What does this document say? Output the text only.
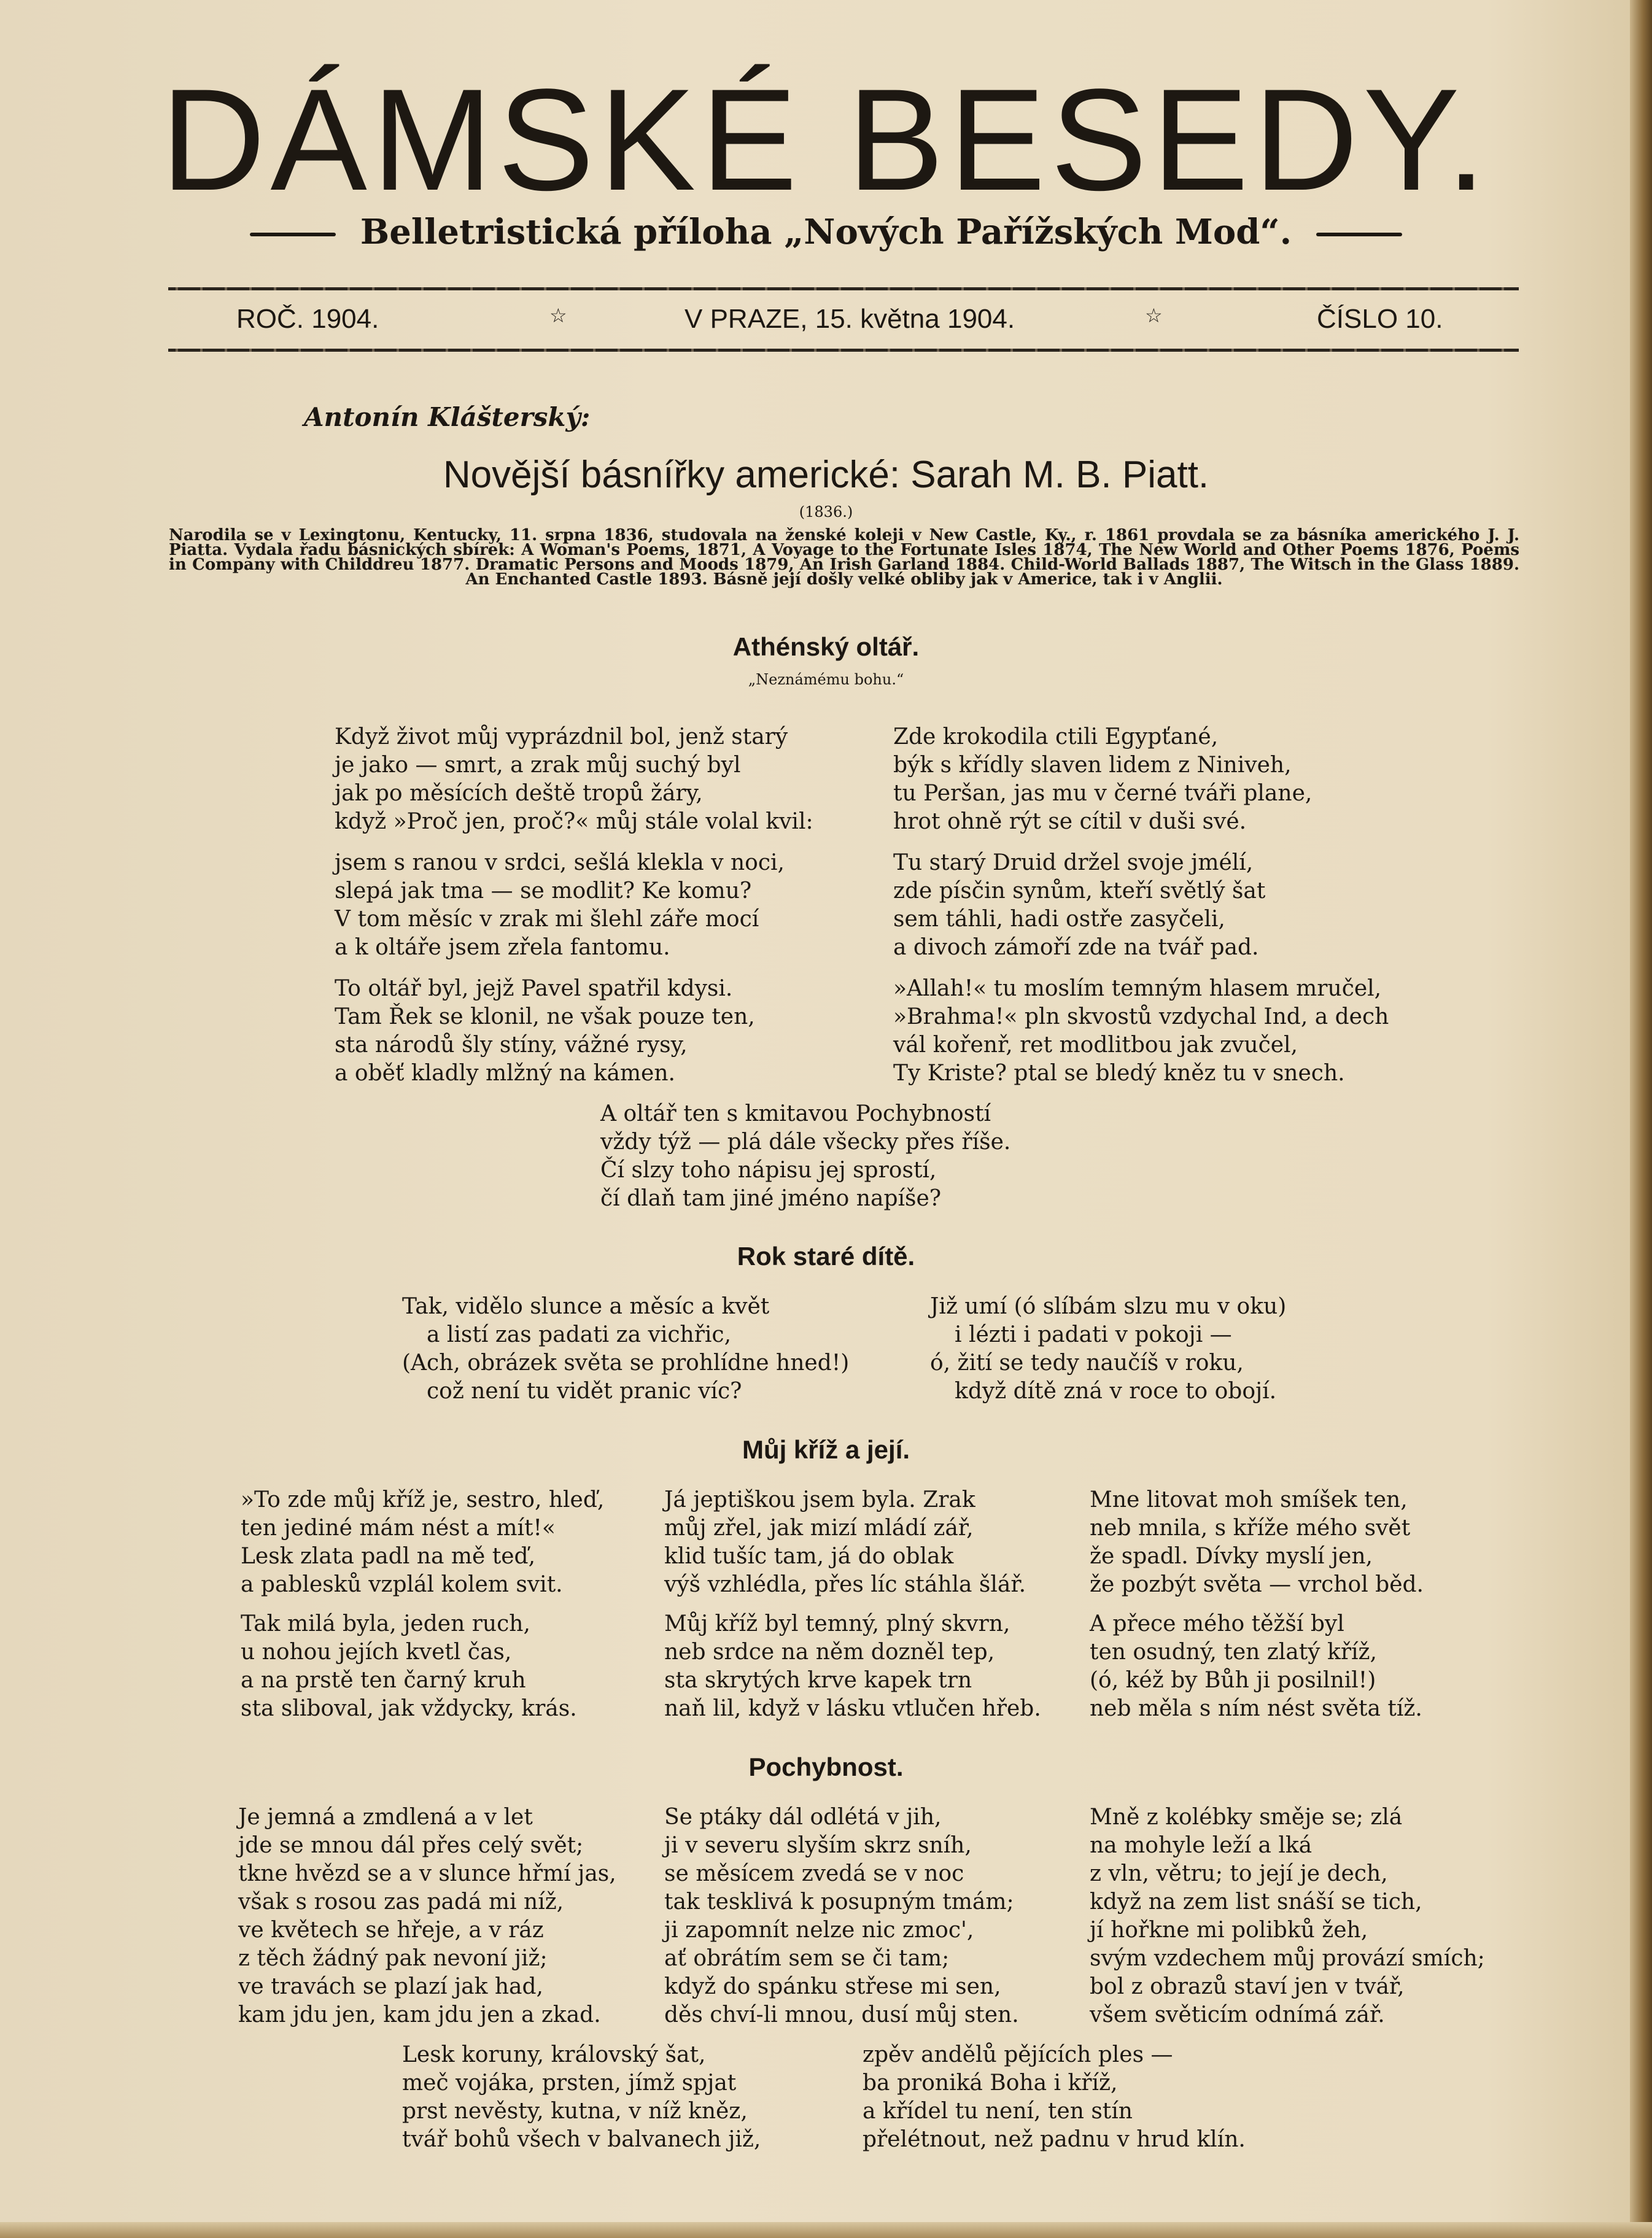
DÁMSKÉ BESEDY.
Belletristická příloha „Nových Pařížských Mod“.
ROČ. 1904.	☆	V PRAZE, 15. května 1904.	☆	ČÍSLO 10.
Antonín Klášterský:
Novější básnířky americké: Sarah M. B. Piatt.
(1836.)
Narodila se v Lexingtonu, Kentucky, 11. srpna 1836, studovala na ženské koleji v New Castle, Ky., r. 1861 provdala se za básníka amerického J. J. Piatta. Vydala řadu básnických sbírek: A Woman's Poems, 1871, A Voyage to the Fortunate Isles 1874, The New World and Other Poems 1876, Poems in Company with Childdreu 1877. Dramatic Persons and Moods 1879, An Irish Garland 1884. Child-World Ballads 1887, The Witsch in the Glass 1889. An Enchanted Castle 1893. Básně její došly velké obliby jak v Americe, tak i v Anglii.
Athénský oltář.
„Neznámému bohu.“
Když život můj vyprázdnil bol, jenž starý
je jako — smrt, a zrak můj suchý byl
jak po měsících deště tropů žáry,
když »Proč jen, proč?« můj stále volal kvil:
jsem s ranou v srdci, sešlá klekla v noci,
slepá jak tma — se modlit? Ke komu?
V tom měsíc v zrak mi šlehl záře mocí
a k oltáře jsem zřela fantomu.
To oltář byl, jejž Pavel spatřil kdysi.
Tam Řek se klonil, ne však pouze ten,
sta národů šly stíny, vážné rysy,
a oběť kladly mlžný na kámen.
Zde krokodila ctili Egypťané,
býk s křídly slaven lidem z Niniveh,
tu Peršan, jas mu v černé tváři plane,
hrot ohně rýt se cítil v duši své.
Tu starý Druid držel svoje jmélí,
zde písčin synům, kteří světlý šat
sem táhli, hadi ostře zasyčeli,
a divoch zámoří zde na tvář pad.
»Allah!« tu moslím temným hlasem mručel,
»Brahma!« pln skvostů vzdychal Ind, a dech
vál kořenř, ret modlitbou jak zvučel,
Ty Kriste? ptal se bledý kněz tu v snech.
A oltář ten s kmitavou Pochybností
vždy týž — plá dále všecky přes říše.
Čí slzy toho nápisu jej sprostí,
čí dlaň tam jiné jméno napíše?
Rok staré dítě.
Tak, vidělo slunce a měsíc a květ
a listí zas padati za vichřic,
(Ach, obrázek světa se prohlídne hned!)
což není tu vidět pranic víc?
Již umí (ó slíbám slzu mu v oku)
i lézti i padati v pokoji —
ó, žití se tedy naučíš v roku,
když dítě zná v roce to obojí.
Můj kříž a její.
»To zde můj kříž je, sestro, hleď,
ten jediné mám nést a mít!«
Lesk zlata padl na mě teď,
a pablesků vzplál kolem svit.
Tak milá byla, jeden ruch,
u nohou jejích kvetl čas,
a na prstě ten čarný kruh
sta sliboval, jak vždycky, krás.
Já jeptiškou jsem byla. Zrak
můj zřel, jak mizí mládí zář,
klid tušíc tam, já do oblak
výš vzhlédla, přes líc stáhla šlář.
Můj kříž byl temný, plný skvrn,
neb srdce na něm dozněl tep,
sta skrytých krve kapek trn
naň lil, když v lásku vtlučen hřeb.
Mne litovat moh smíšek ten,
neb mnila, s kříže mého svět
že spadl. Dívky myslí jen,
že pozbýt světa — vrchol běd.
A přece mého těžší byl
ten osudný, ten zlatý kříž,
(ó, kéž by Bůh ji posilnil!)
neb měla s ním nést světa tíž.
Pochybnost.
Je jemná a zmdlená a v let
jde se mnou dál přes celý svět;
tkne hvězd se a v slunce hřmí jas,
však s rosou zas padá mi níž,
ve květech se hřeje, a v ráz
z těch žádný pak nevoní již;
ve travách se plazí jak had,
kam jdu jen, kam jdu jen a zkad.
Se ptáky dál odlétá v jih,
ji v severu slyším skrz sníh,
se měsícem zvedá se v noc
tak tesklivá k posupným tmám;
ji zapomnít nelze nic zmoc',
ať obrátím sem se či tam;
když do spánku střese mi sen,
děs chví-li mnou, dusí můj sten.
Mně z kolébky směje se; zlá
na mohyle leží a lká
z vln, větru; to její je dech,
když na zem list snáší se tich,
jí hořkne mi polibků žeh,
svým vzdechem můj provází smích;
bol z obrazů staví jen v tvář,
všem světicím odnímá zář.
Lesk koruny, královský šat,
meč vojáka, prsten, jímž spjat
prst nevěsty, kutna, v níž kněz,
tvář bohů všech v balvanech již,
zpěv andělů pějících ples —
ba proniká Boha i kříž,
a křídel tu není, ten stín
přelétnout, než padnu v hrud klín.
